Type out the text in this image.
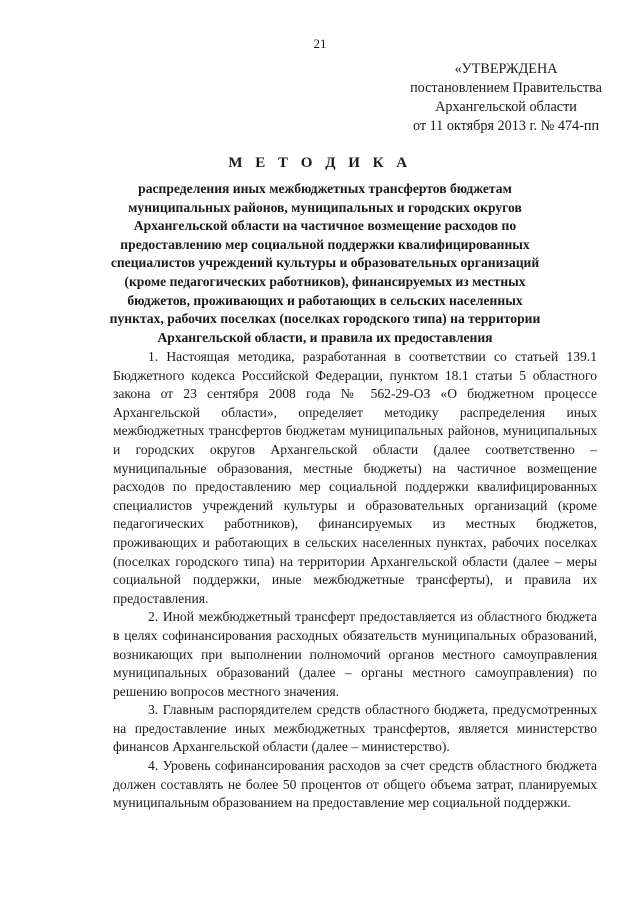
21
«УТВЕРЖДЕНА
постановлением Правительства
Архангельской области
от 11 октября 2013 г. № 474-пп
М Е Т О Д И К А
распределения иных межбюджетных трансфертов бюджетам
муниципальных районов, муниципальных и городских округов
Архангельской области на частичное возмещение расходов по
предоставлению мер социальной поддержки квалифицированных
специалистов учреждений культуры и образовательных организаций
(кроме педагогических работников), финансируемых из местных
бюджетов, проживающих и работающих в сельских населенных
пунктах, рабочих поселках (поселках городского типа) на территории
Архангельской области, и правила их предоставления

1. Настоящая методика, разработанная в соответствии со статьей 139.1 Бюджетного кодекса Российской Федерации, пунктом 18.1 статьи 5 областного закона от 23 сентября 2008 года № 562-29-ОЗ «О бюджетном процессе Архангельской области», определяет методику распределения иных межбюджетных трансфертов бюджетам муниципальных районов, муниципальных и городских округов Архангельской области (далее соответственно – муниципальные образования, местные бюджеты) на частичное возмещение расходов по предоставлению мер социальной поддержки квалифицированных специалистов учреждений культуры и образовательных организаций (кроме педагогических работников), финансируемых из местных бюджетов, проживающих и работающих в сельских населенных пунктах, рабочих поселках (поселках городского типа) на территории Архангельской области (далее – меры социальной поддержки, иные межбюджетные трансферты), и правила их предоставления.

2. Иной межбюджетный трансферт предоставляется из областного бюджета в целях софинансирования расходных обязательств муниципальных образований, возникающих при выполнении полномочий органов местного самоуправления муниципальных образований (далее – органы местного самоуправления) по решению вопросов местного значения.

3. Главным распорядителем средств областного бюджета, предусмотренных на предоставление иных межбюджетных трансфертов, является министерство финансов Архангельской области (далее – министерство).

4. Уровень софинансирования расходов за счет средств областного бюджета должен составлять не более 50 процентов от общего объема затрат, планируемых муниципальным образованием на предоставление мер социальной поддержки.
